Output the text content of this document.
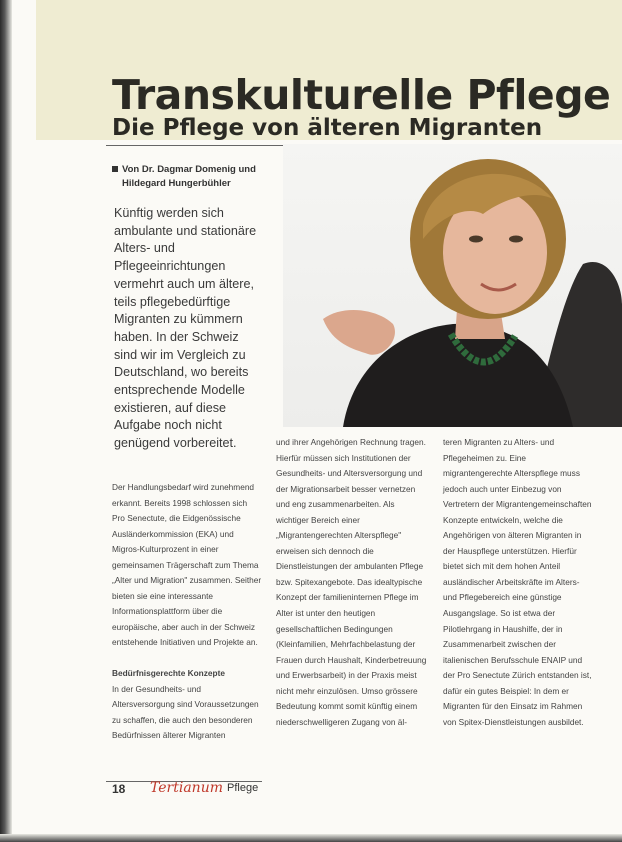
Transkulturelle Pflege
Die Pflege von älteren Migranten
Von Dr. Dagmar Domenig und
Hildegard Hungerbühler

Künftig werden sich ambulante und stationäre Alters- und Pflegeeinrichtungen vermehrt auch um ältere, teils pflegebedürftige Migranten zu kümmern haben. In der Schweiz sind wir im Vergleich zu Deutschland, wo bereits entsprechende Modelle existieren, auf diese Aufgabe noch nicht genügend vorbereitet.

Der Handlungsbedarf wird zunehmend erkannt. Bereits 1998 schlossen sich Pro Senectute, die Eidgenössische Ausländerkommission (EKA) und Migros-Kulturprozent in einer gemeinsamen Trägerschaft zum Thema „Alter und Migration" zusammen. Seither bieten sie eine interessante Informationsplattform über die europäische, aber auch in der Schweiz entstehende Initiativen und Projekte an.

Bedürfnisgerechte Konzepte

In der Gesundheits- und Altersversorgung sind Voraussetzungen zu schaffen, die auch den besonderen Bedürfnissen älterer Migranten

und ihrer Angehörigen Rechnung tragen. Hierfür müssen sich Institutionen der Gesundheits- und Altersversorgung und der Migrationsarbeit besser vernetzen und eng zusammenarbeiten. Als wichtiger Bereich einer „Migrantengerechten Alterspflege" erweisen sich dennoch die Dienstleistungen der ambulanten Pflege bzw. Spitexangebote. Das idealtypische Konzept der familieninternen Pflege im Alter ist unter den heutigen gesellschaftlichen Bedingungen (Kleinfamilien, Mehrfachbelastung der Frauen durch Haushalt, Kinderbetreuung und Erwerbsarbeit) in der Praxis meist nicht mehr einzulösen. Umso grössere Bedeutung kommt somit künftig einem niederschwelligeren Zugang von äl-

teren Migranten zu Alters- und Pflegeheimen zu. Eine migrantengerechte Alterspflege muss jedoch auch unter Einbezug von Vertretern der Migrantengemeinschaften Konzepte entwickeln, welche die Angehörigen von älteren Migranten in der Hauspflege unterstützen. Hierfür bietet sich mit dem hohen Anteil ausländischer Arbeitskräfte im Alters- und Pflegebereich eine günstige Ausgangslage. So ist etwa der Pilotlehrgang in Haushilfe, der in Zusammenarbeit zwischen der italienischen Berufsschule ENAIP und der Pro Senectute Zürich entstanden ist, dafür ein gutes Beispiel: In dem er Migranten für den Einsatz im Rahmen von Spitex-Dienstleistungen ausbildet.

18 Tertianum Pflege
